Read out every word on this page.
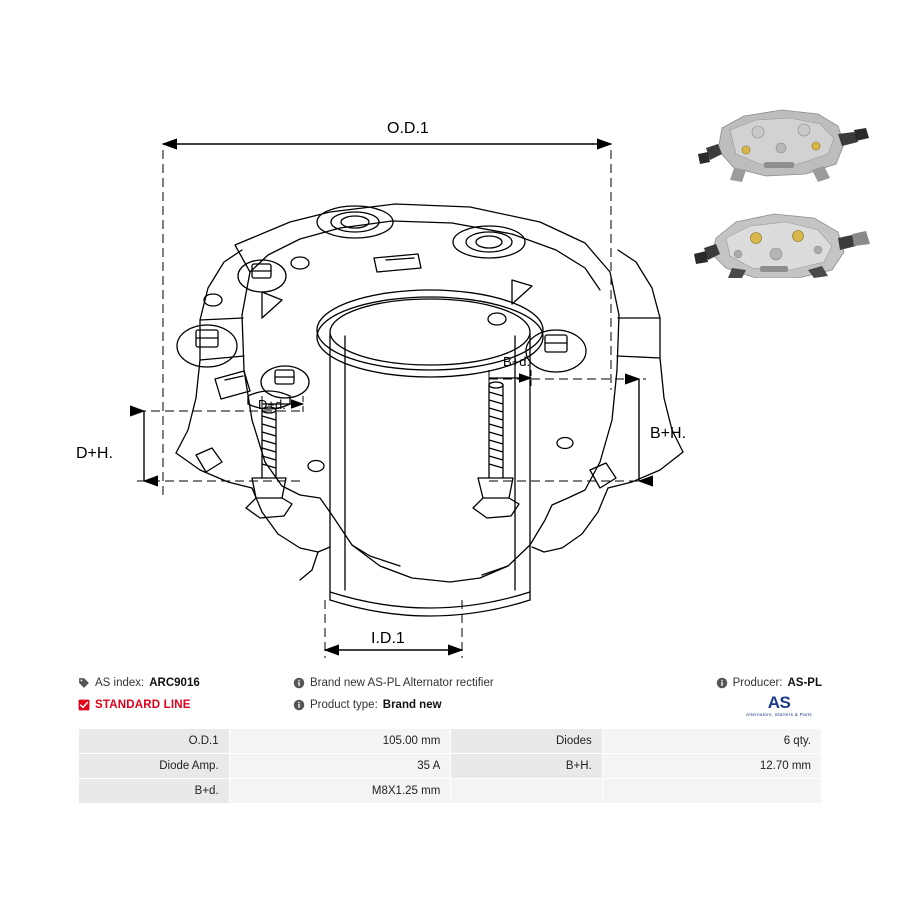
O.D.1
I.D.1
B+H.
D+H.
B+d.
D+d.
AS index: ARC9016	Brand new AS-PL Alternator rectifier	Producer: AS-PL
STANDARD LINE	Product type: Brand new	AS
Alternators, Starters & Parts
O.D.1	105.00 mm	Diodes	6 qty.
Diode Amp.	35 A	B+H.	12.70 mm
B+d.	M8X1.25 mm		
